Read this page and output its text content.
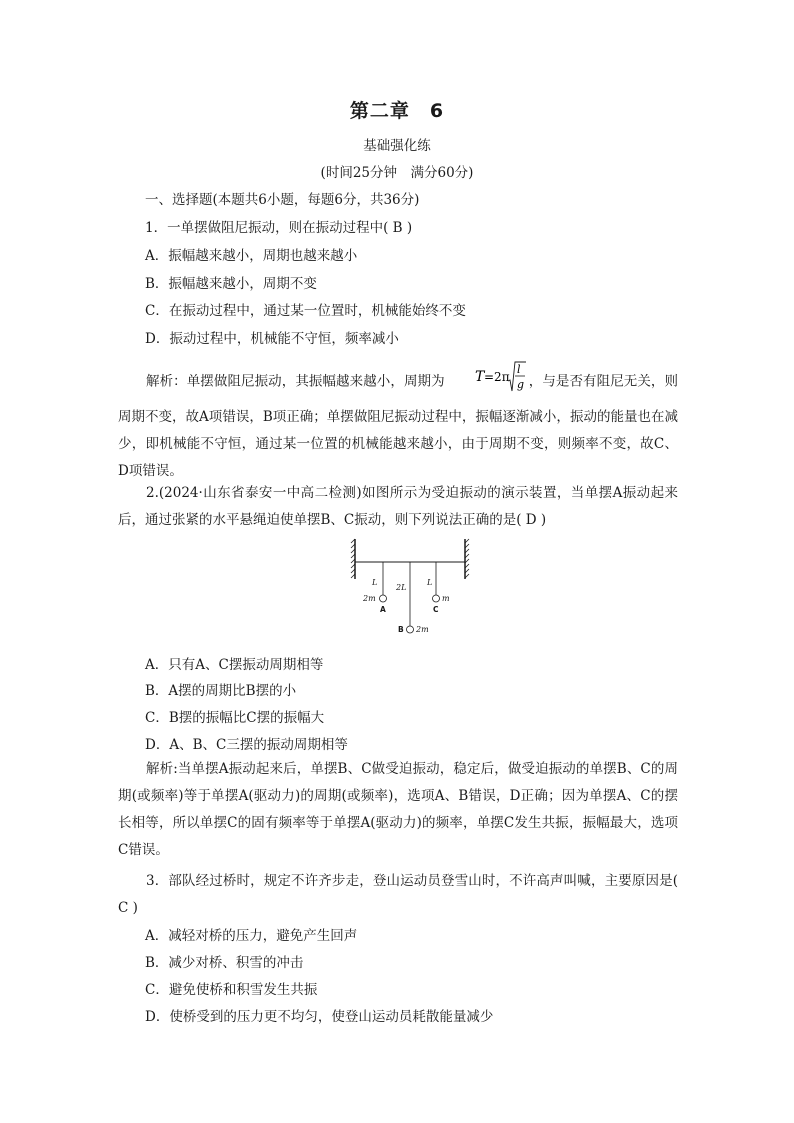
第二章　6
基础强化练
(时间25分钟　满分60分)
一、选择题(本题共6小题，每题6分，共36分)
1．一单摆做阻尼振动，则在振动过程中( B )
A．振幅越来越小，周期也越来越小
B．振幅越来越小，周期不变
C．在振动过程中，通过某一位置时，机械能始终不变
D．振动过程中，机械能不守恒，频率减小
解析：单摆做阻尼振动，其振幅越来越小，周期为 T =2π
l
g ，与是否有阻尼无关，则周期不变，故A项错误，B项正确；单摆做阻尼振动过程中，振幅逐渐减小，振动的能量也在减少，即机械能不守恒，通过某一位置的机械能越来越小，由于周期不变，则频率不变，故C、D项错误。
2.(2024·山东省泰安一中高二检测)如图所示为受迫振动的演示装置，当单摆A振动起来后，通过张紧的水平悬绳迫使单摆B、C振动，则下列说法正确的是( D )
L
2L
L
2m	m
2m
A	C
B
A．只有A、C摆振动周期相等
B．A摆的周期比B摆的小
C．B摆的振幅比C摆的振幅大
D．A、B、C三摆的振动周期相等
解析:当单摆A振动起来后，单摆B、C做受迫振动，稳定后，做受迫振动的单摆B、C的周期(或频率)等于单摆A(驱动力)的周期(或频率)，选项A、B错误，D正确；因为单摆A、C的摆长相等，所以单摆C的固有频率等于单摆A(驱动力)的频率，单摆C发生共振，振幅最大，选项C错误。
3．部队经过桥时，规定不许齐步走，登山运动员登雪山时，不许高声叫喊，主要原因是( C )
A．减轻对桥的压力，避免产生回声
B．减少对桥、积雪的冲击
C．避免使桥和积雪发生共振
D．使桥受到的压力更不均匀，使登山运动员耗散能量减少
